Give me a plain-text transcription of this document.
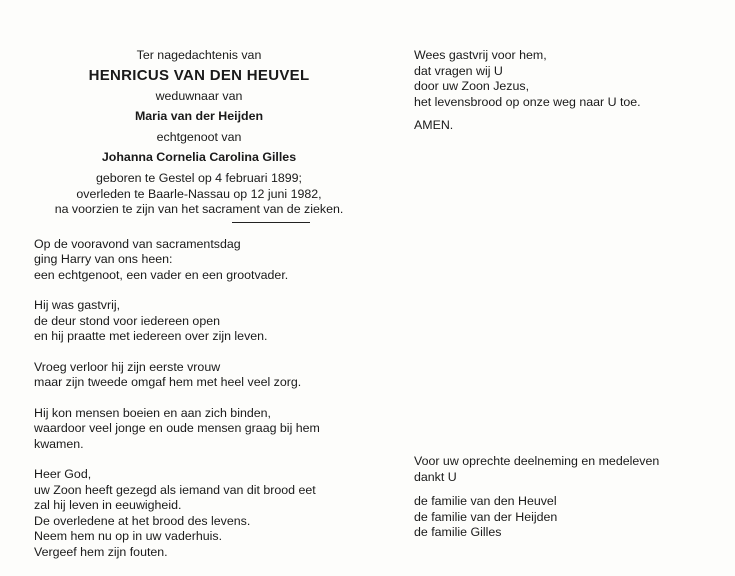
Ter nagedachtenis van
HENRICUS VAN DEN HEUVEL
weduwnaar van
Maria van der Heijden
echtgenoot van
Johanna Cornelia Carolina Gilles
geboren te Gestel op 4 februari 1899;
overleden te Baarle-Nassau op 12 juni 1982,
na voorzien te zijn van het sacrament van de zieken.
Op de vooravond van sacramentsdag
ging Harry van ons heen:
een echtgenoot, een vader en een grootvader.
Hij was gastvrij,
de deur stond voor iedereen open
en hij praatte met iedereen over zijn leven.
Vroeg verloor hij zijn eerste vrouw
maar zijn tweede omgaf hem met heel veel zorg.
Hij kon mensen boeien en aan zich binden,
waardoor veel jonge en oude mensen graag bij hem
kwamen.
Heer God,
uw Zoon heeft gezegd als iemand van dit brood eet
zal hij leven in eeuwigheid.
De overledene at het brood des levens.
Neem hem nu op in uw vaderhuis.
Vergeef hem zijn fouten.
Wees gastvrij voor hem,
dat vragen wij U
door uw Zoon Jezus,
het levensbrood op onze weg naar U toe.
AMEN.
Voor uw oprechte deelneming en medeleven
dankt U
de familie van den Heuvel
de familie van der Heijden
de familie Gilles
